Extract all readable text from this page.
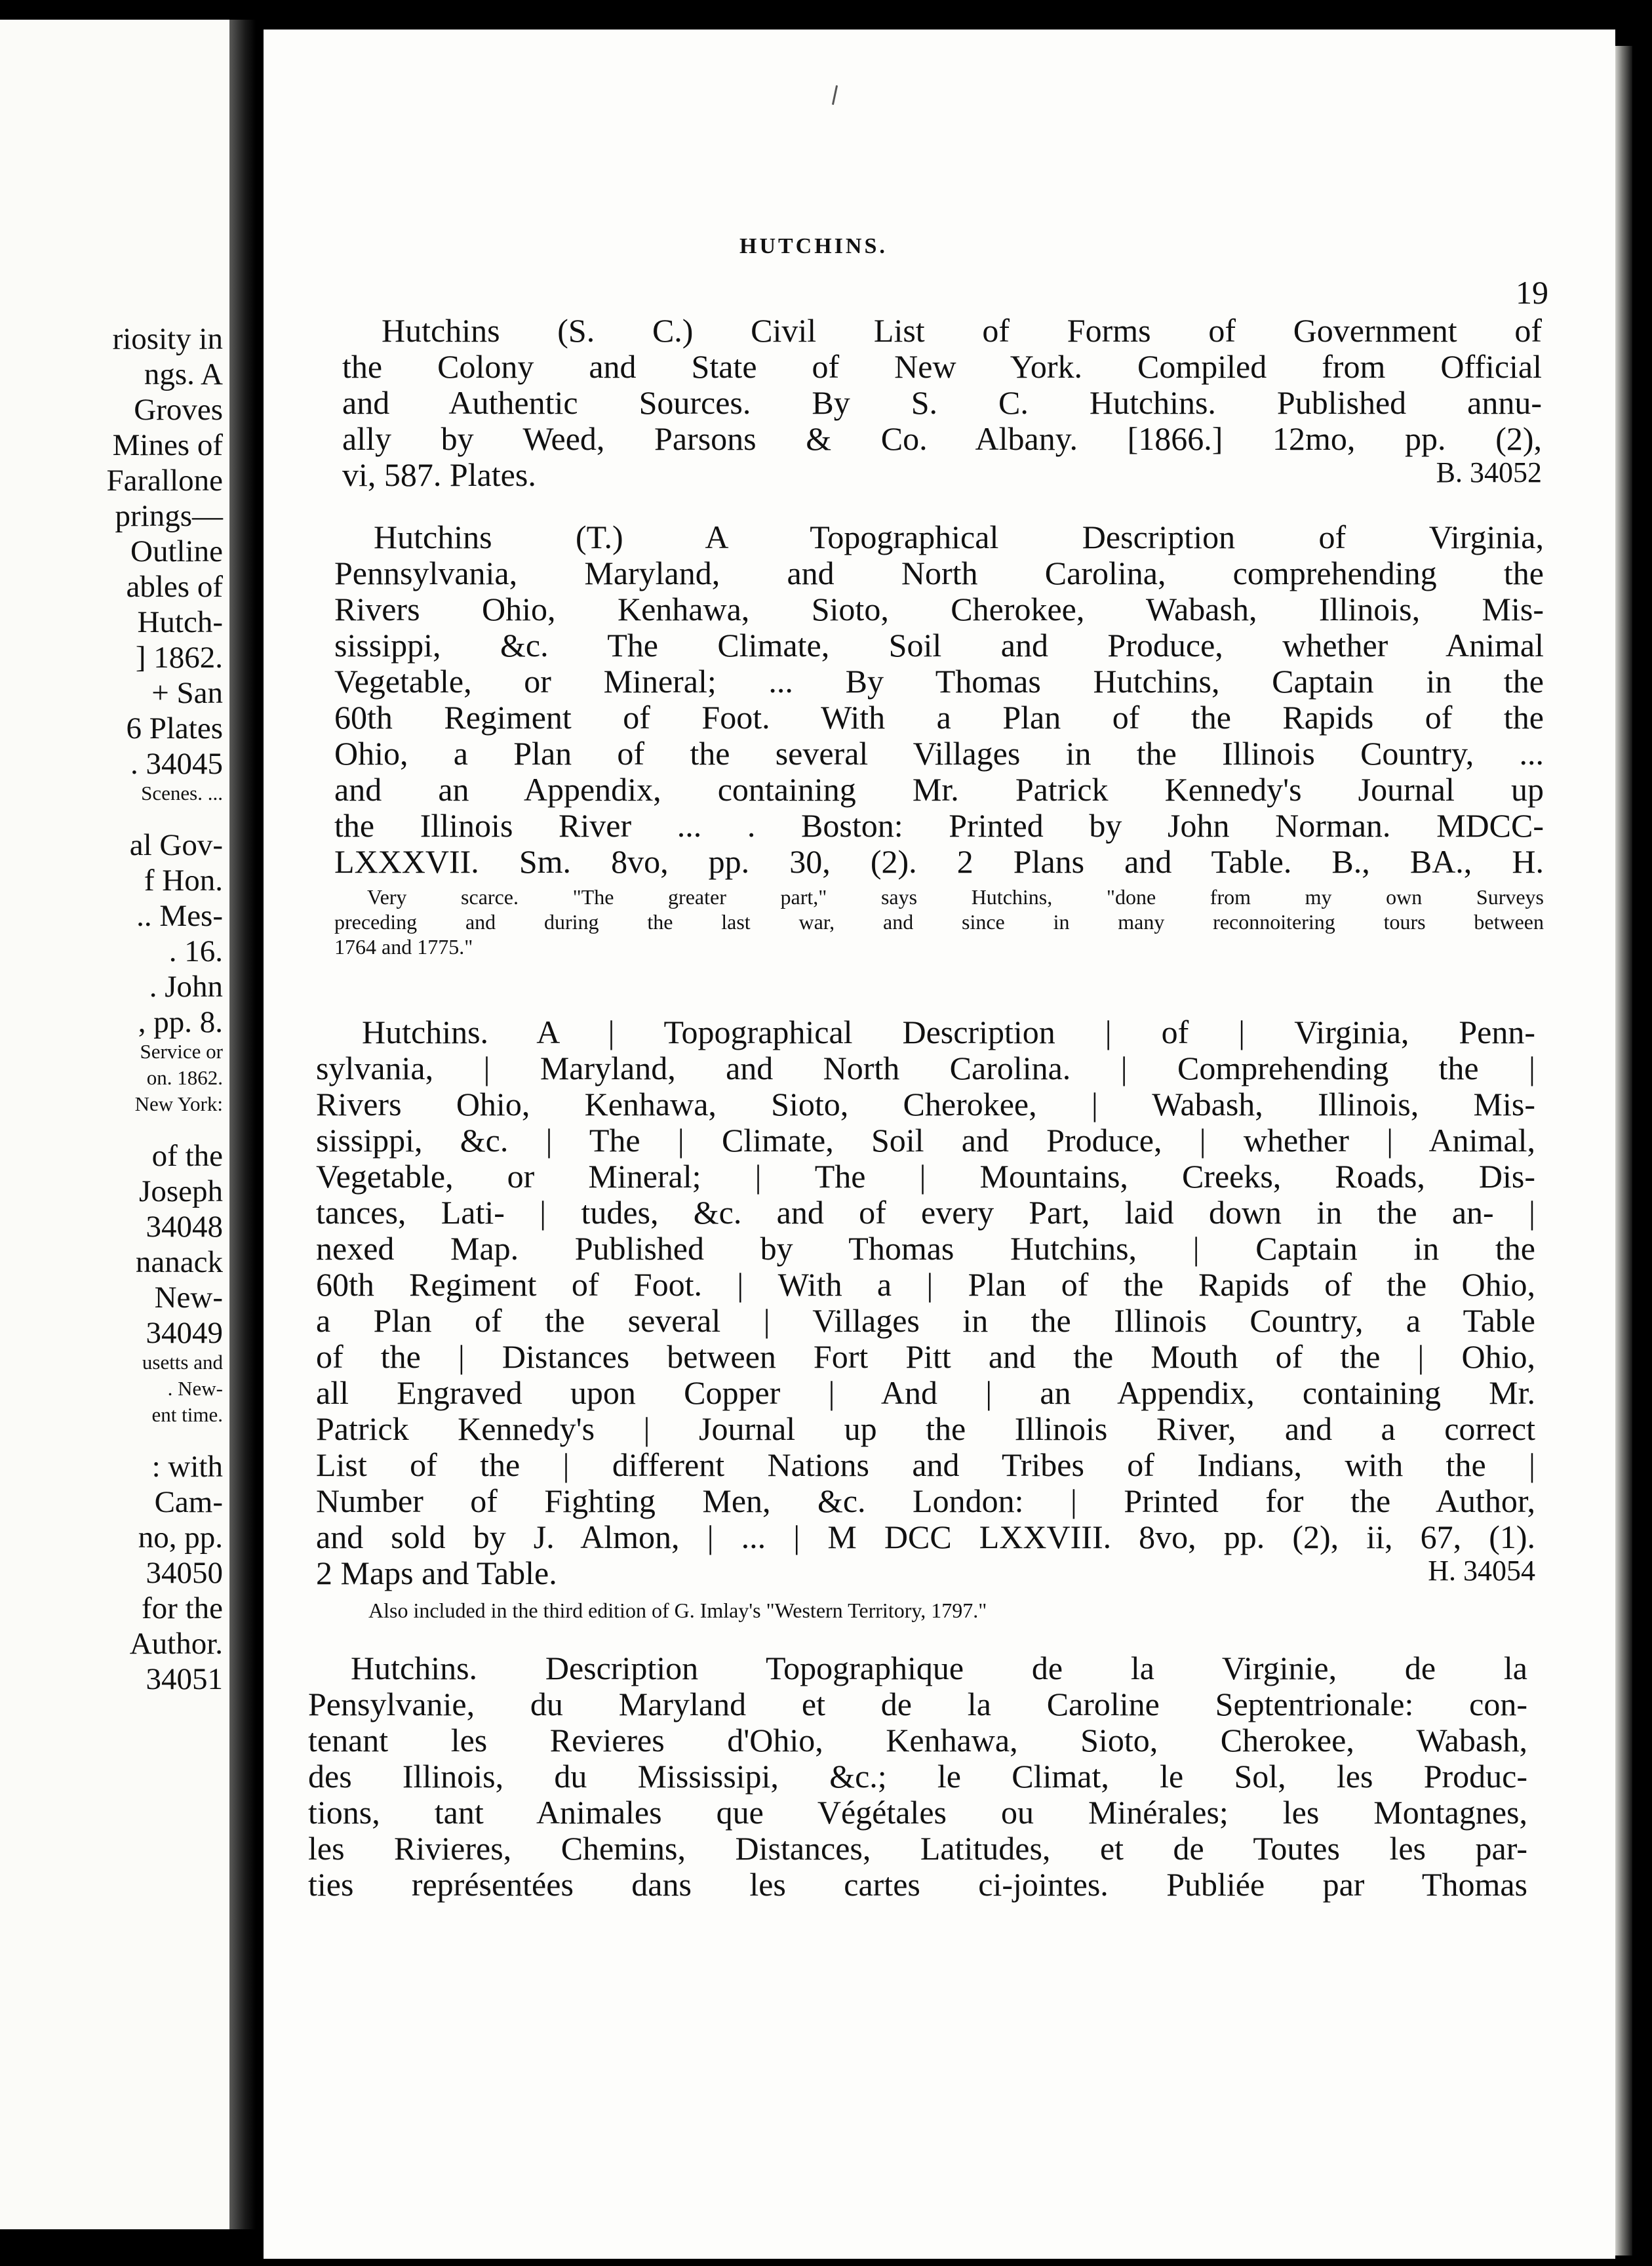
riosity in
ngs. A
Groves
Mines of
Farallone
prings—
Outline
ables of
Hutch-
] 1862.
+ San
6 Plates
. 34045
Scenes. ...
al Gov-
f Hon.
.. Mes-
. 16.
. John
, pp. 8.
Service or
on. 1862.
New York:
of the
Joseph
34048
nanack
New-
34049
usetts and
. New-
ent time.
: with
Cam-
no, pp.
34050
for the
Author.
34051
HUTCHINS.
19
Hutchins (S. C.) Civil List of Forms of Government of
the Colony and State of New York. Compiled from Official
and Authentic Sources. By S. C. Hutchins. Published annu-
ally by Weed, Parsons & Co. Albany. [1866.] 12mo, pp. (2),
vi, 587. Plates.	B. 34052
Hutchins (T.) A Topographical Description of Virginia,
Pennsylvania, Maryland, and North Carolina, comprehending the
Rivers Ohio, Kenhawa, Sioto, Cherokee, Wabash, Illinois, Mis-
sissippi, &c. The Climate, Soil and Produce, whether Animal
Vegetable, or Mineral; ... By Thomas Hutchins, Captain in the
60th Regiment of Foot. With a Plan of the Rapids of the
Ohio, a Plan of the several Villages in the Illinois Country, ...
and an Appendix, containing Mr. Patrick Kennedy's Journal up
the Illinois River ... . Boston: Printed by John Norman. MDCC-
LXXXVII. Sm. 8vo, pp. 30, (2). 2 Plans and Table. B., BA., H.
Very scarce. "The greater part," says Hutchins, "done from my own Surveys
preceding and during the last war, and since in many reconnoitering tours between
1764 and 1775."
Hutchins. A | Topographical Description | of | Virginia, Penn-
sylvania, | Maryland, and North Carolina. | Comprehending the |
Rivers Ohio, Kenhawa, Sioto, Cherokee, | Wabash, Illinois, Mis-
sissippi, &c. | The | Climate, Soil and Produce, | whether | Animal,
Vegetable, or Mineral; | The | Mountains, Creeks, Roads, Dis-
tances, Lati- | tudes, &c. and of every Part, laid down in the an- |
nexed Map. Published by Thomas Hutchins, | Captain in the
60th Regiment of Foot. | With a | Plan of the Rapids of the Ohio,
a Plan of the several | Villages in the Illinois Country, a Table
of the | Distances between Fort Pitt and the Mouth of the | Ohio,
all Engraved upon Copper | And | an Appendix, containing Mr.
Patrick Kennedy's | Journal up the Illinois River, and a correct
List of the | different Nations and Tribes of Indians, with the |
Number of Fighting Men, &c. London: | Printed for the Author,
and sold by J. Almon, | ... | M DCC LXXVIII. 8vo, pp. (2), ii, 67, (1).
2 Maps and Table.	H. 34054
Also included in the third edition of G. Imlay's "Western Territory, 1797."
Hutchins. Description Topographique de la Virginie, de la
Pensylvanie, du Maryland et de la Caroline Septentrionale: con-
tenant les Revieres d'Ohio, Kenhawa, Sioto, Cherokee, Wabash,
des Illinois, du Mississipi, &c.; le Climat, le Sol, les Produc-
tions, tant Animales que Végétales ou Minérales; les Montagnes,
les Rivieres, Chemins, Distances, Latitudes, et de Toutes les par-
ties représentées dans les cartes ci-jointes. Publiée par Thomas
